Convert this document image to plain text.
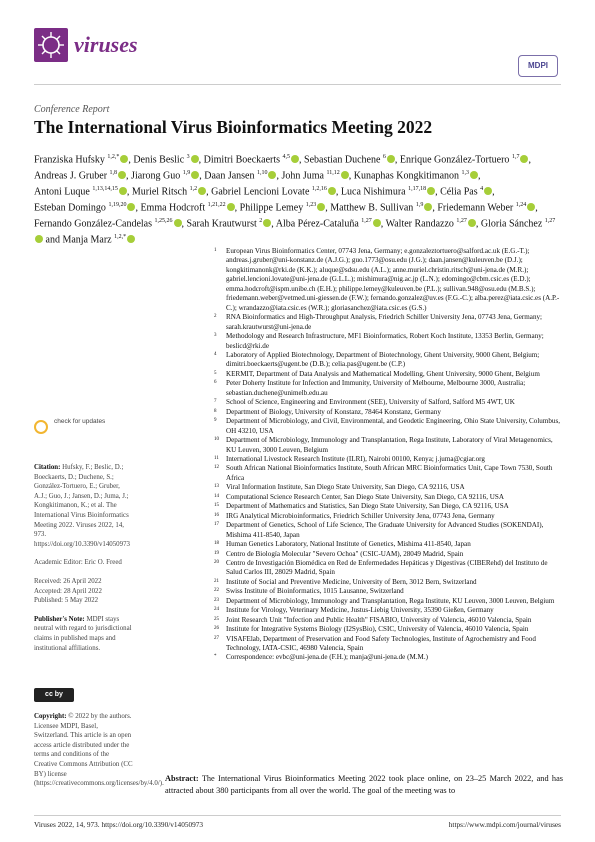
viruses
MDPI
Conference Report
The International Virus Bioinformatics Meeting 2022
Franziska Hufsky $^{1,2,*}$ , Denis Beslic $^3$ , Dimitri Boeckaerts $^{4,5}$ , Sebastian Duchene $^6$ , Enrique González-Tortuero $^{1,7}$ , Andreas J. Gruber $^{1,8}$ , Jiarong Guo $^{1,9}$ , Daan Jansen $^{1,10}$ , John Juma $^{11,12}$ , Kunaphas Kongkitimanon $^{1,3}$ , Antoni Luque $^{1,13,14,15}$ , Muriel Ritsch $^{1,2}$ , Gabriel Lencioni Lovate $^{1,2,16}$ , Luca Nishimura $^{1,17,18}$ , Célia Pas $^4$ , Esteban Domingo $^{1,19,20}$ , Emma Hodcroft $^{1,21,22}$ , Philippe Lemey $^{1,23}$ , Matthew B. Sullivan $^{1,9}$ , Friedemann Weber $^{1,24}$ , Fernando González-Candelas $^{1,25,26}$ , Sarah Krautwurst $^2$ , Alba Pérez-Cataluña $^{1,27}$ , Walter Randazzo $^{1,27}$ , Gloria Sánchez $^{1,27}$ and Manja Marz $^{1,2,*}$
1 European Virus Bioinformatics Center, 07743 Jena, Germany; e.gonzaleztortuero@salford.ac.uk (E.G.-T.); andreas.j.gruber@uni-konstanz.de (A.J.G.); guo.1773@osu.edu (J.G.); daan.jansen@kuleuven.be (D.J.); kongkitimanonk@rki.de (K.K.); aluque@sdsu.edu (A.L.); anne.muriel.christin.ritsch@uni-jena.de (M.R.); gabriel.lencioni.lovate@uni-jena.de (G.L.L.); mishimura@nig.ac.jp (L.N.); edomingo@cbm.csic.es (E.D.); emma.hodcroft@ispm.unibe.ch (E.H.); philippe.lemey@kuleuven.be (P.L.); sullivan.948@osu.edu (M.B.S.); friedemann.weber@vetmed.uni-giessen.de (F.W.); fernando.gonzalez@uv.es (F.G.-C.); alba.perez@iata.csic.es (A.P.-C.); wrandazzo@iata.csic.es (W.R.); gloriasanchez@iata.csic.es (G.S.)
2 RNA Bioinformatics and High-Throughput Analysis, Friedrich Schiller University Jena, 07743 Jena, Germany; sarah.krautwurst@uni-jena.de
3 Methodology and Research Infrastructure, MF1 Bioinformatics, Robert Koch Institute, 13353 Berlin, Germany; beslicd@rki.de
4 Laboratory of Applied Biotechnology, Department of Biotechnology, Ghent University, 9000 Ghent, Belgium; dimitri.boeckaerts@ugent.be (D.B.); celia.pas@ugent.be (C.P.)
5 KERMIT, Department of Data Analysis and Mathematical Modelling, Ghent University, 9000 Ghent, Belgium
6 Peter Doherty Institute for Infection and Immunity, University of Melbourne, Melbourne 3000, Australia; sebastian.duchene@unimelb.edu.au
7 School of Science, Engineering and Environment (SEE), University of Salford, Salford M5 4WT, UK
8 Department of Biology, University of Konstanz, 78464 Konstanz, Germany
9 Department of Microbiology, and Civil, Environmental, and Geodetic Engineering, Ohio State University, Columbus, OH 43210, USA
10 Department of Microbiology, Immunology and Transplantation, Rega Institute, Laboratory of Viral Metagenomics, KU Leuven, 3000 Leuven, Belgium
11 International Livestock Research Institute (ILRI), Nairobi 00100, Kenya; j.juma@cgiar.org
12 South African National Bioinformatics Institute, South African MRC Bioinformatics Unit, Cape Town 7530, South Africa
13 Viral Information Institute, San Diego State University, San Diego, CA 92116, USA
14 Computational Science Research Center, San Diego State University, San Diego, CA 92116, USA
15 Department of Mathematics and Statistics, San Diego State University, San Diego, CA 92116, USA
16 IRG Analytical Microbioinformatics, Friedrich Schiller University Jena, 07743 Jena, Germany
17 Department of Genetics, School of Life Science, The Graduate University for Advanced Studies (SOKENDAI), Mishima 411-8540, Japan
18 Human Genetics Laboratory, National Institute of Genetics, Mishima 411-8540, Japan
19 Centro de Biología Molecular "Severo Ochoa" (CSIC-UAM), 28049 Madrid, Spain
20 Centro de Investigación Biomédica en Red de Enfermedades Hepáticas y Digestivas (CIBERehd) del Instituto de Salud Carlos III, 28029 Madrid, Spain
21 Institute of Social and Preventive Medicine, University of Bern, 3012 Bern, Switzerland
22 Swiss Institute of Bioinformatics, 1015 Lausanne, Switzerland
23 Department of Microbiology, Immunology and Transplantation, Rega Institute, KU Leuven, 3000 Leuven, Belgium
24 Institute for Virology, Veterinary Medicine, Justus-Liebig University, 35390 Gießen, Germany
25 Joint Research Unit "Infection and Public Health" FISABIO, University of Valencia, 46010 Valencia, Spain
26 Institute for Integrative Systems Biology (I2SysBio), CSIC, University of Valencia, 46010 Valencia, Spain
27 VISAFElab, Department of Preservation and Food Safety Technologies, Institute of Agrochemistry and Food Technology, IATA-CSIC, 46980 Valencia, Spain
* Correspondence: evbc@uni-jena.de (F.H.); manja@uni-jena.de (M.M.)
check for updates
Citation: Hufsky, F.; Beslic, D.; Boeckaerts, D.; Duchene, S.; González-Tortuero, E.; Gruber, A.J.; Guo, J.; Jansen, D.; Juma, J.; Kongkitimanon, K.; et al. The International Virus Bioinformatics Meeting 2022. Viruses 2022, 14, 973. https://doi.org/10.3390/v14050973
Academic Editor: Eric O. Freed
Received: 26 April 2022
Accepted: 28 April 2022
Published: 5 May 2022
Publisher's Note: MDPI stays neutral with regard to jurisdictional claims in published maps and institutional affiliations.
cc by
Copyright: © 2022 by the authors. Licensee MDPI, Basel, Switzerland. This article is an open access article distributed under the terms and conditions of the Creative Commons Attribution (CC BY) license (https://creativecommons.org/licenses/by/4.0/).
Abstract: The International Virus Bioinformatics Meeting 2022 took place online, on 23–25 March 2022, and has attracted about 380 participants from all over the world. The goal of the meeting was to
Viruses 2022, 14, 973. https://doi.org/10.3390/v14050973	https://www.mdpi.com/journal/viruses
